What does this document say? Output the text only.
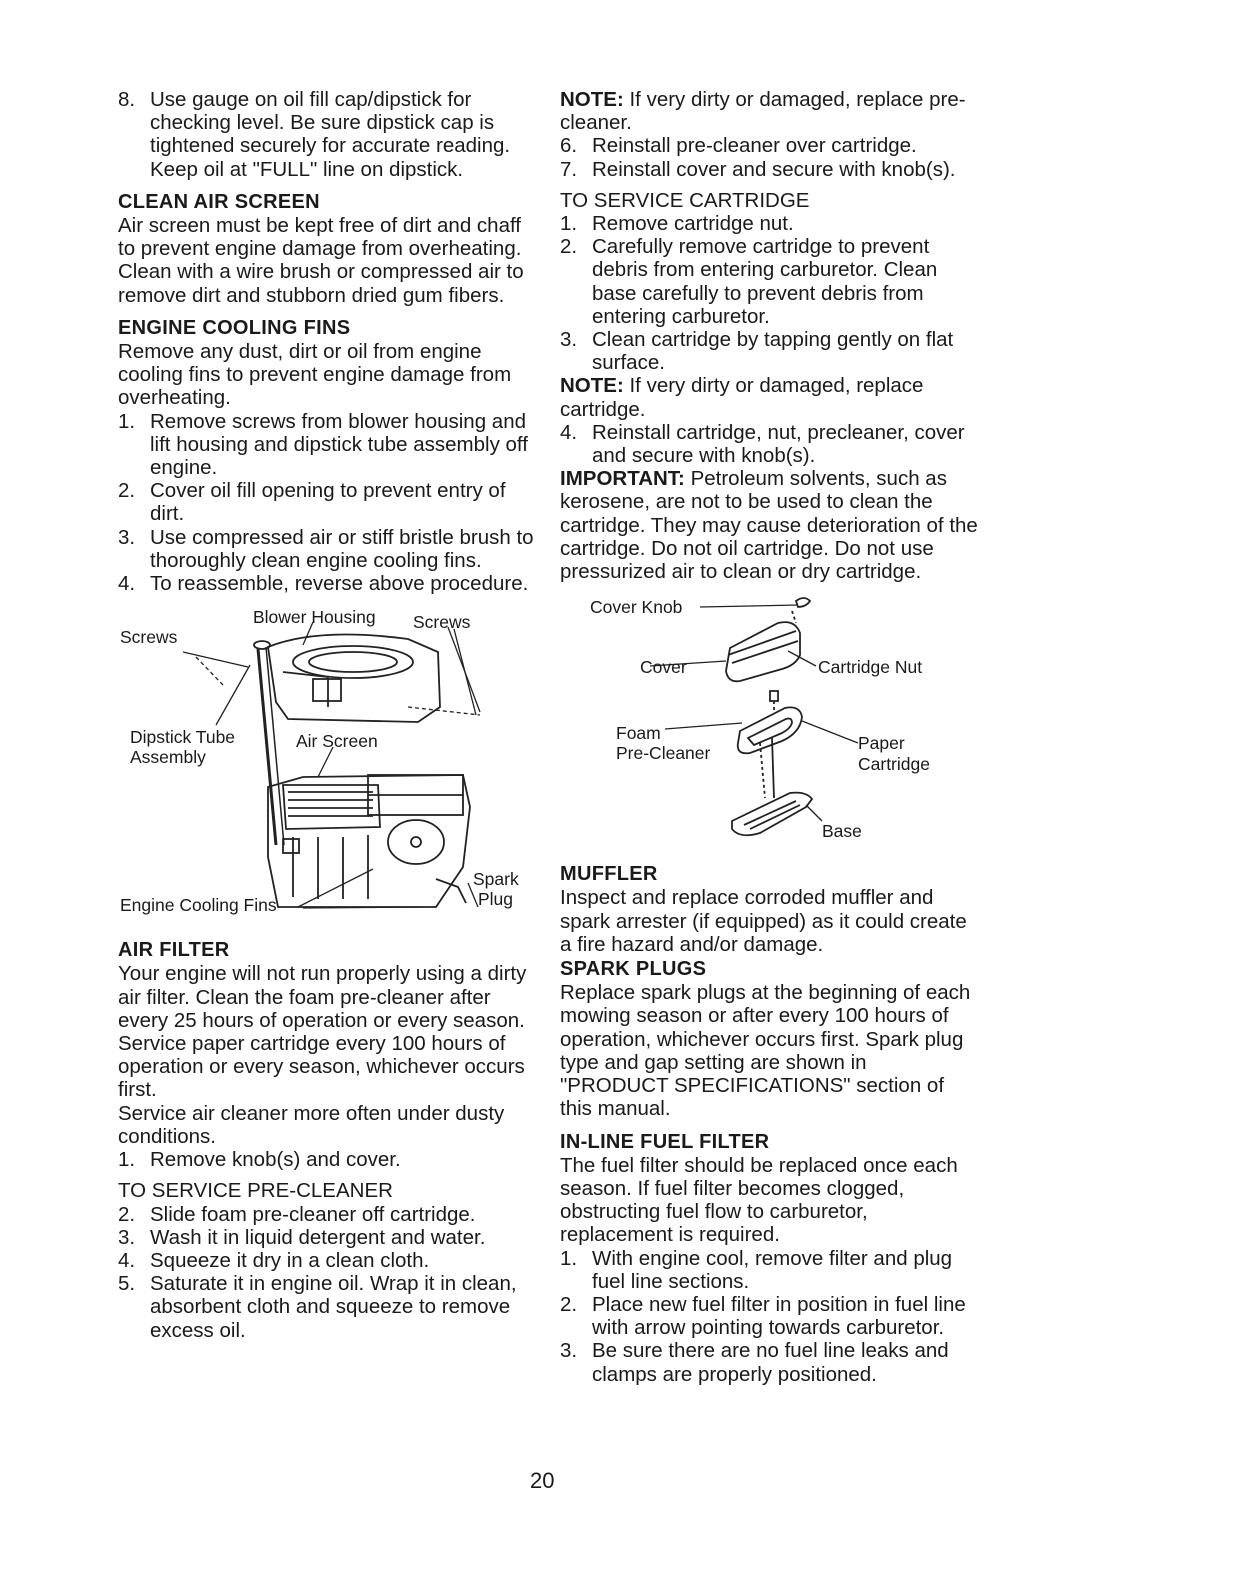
8. Use gauge on oil fill cap/dipstick for checking level. Be sure dipstick cap is tightened securely for accurate reading. Keep oil at "FULL" line on dipstick.
CLEAN AIR SCREEN

Air screen must be kept free of dirt and chaff to prevent engine damage from overheating. Clean with a wire brush or compressed air to remove dirt and stubborn dried gum fibers.

ENGINE COOLING FINS

Remove any dust, dirt or oil from engine cooling fins to prevent engine damage from overheating.

1. Remove screws from blower housing and lift housing and dipstick tube assembly off engine.
2. Cover oil fill opening to prevent entry of dirt.
3. Use compressed air or stiff bristle brush to thoroughly clean engine cooling fins.
4. To reassemble, reverse above procedure.
Screws
Blower Housing Screws
Dipstick Tube
Assembly
Air Screen
Spark
Plug
Engine Cooling Fins
AIR FILTER

Your engine will not run properly using a dirty air filter. Clean the foam pre-cleaner after every 25 hours of operation or every season. Service paper cartridge every 100 hours of operation or every season, whichever occurs first.

Service air cleaner more often under dusty conditions.

1. Remove knob(s) and cover.
TO SERVICE PRE-CLEANER
2. Slide foam pre-cleaner off cartridge.
3. Wash it in liquid detergent and water.
4. Squeeze it dry in a clean cloth.
5. Saturate it in engine oil. Wrap it in clean, absorbent cloth and squeeze to remove excess oil.

NOTE: If very dirty or damaged, replace pre-cleaner.

6. Reinstall pre-cleaner over cartridge.
7. Reinstall cover and secure with knob(s).
TO SERVICE CARTRIDGE
1. Remove cartridge nut.
2. Carefully remove cartridge to prevent debris from entering carburetor. Clean base carefully to prevent debris from entering carburetor.
3. Clean cartridge by tapping gently on flat surface.

NOTE: If very dirty or damaged, replace cartridge.

4. Reinstall cartridge, nut, precleaner, cover and secure with knob(s).

IMPORTANT: Petroleum solvents, such as kerosene, are not to be used to clean the cartridge. They may cause deterioration of the cartridge. Do not oil cartridge. Do not use pressurized air to clean or dry cartridge.

Cover Knob
Cover	Cartridge Nut
Paper
Cartridge
Foam
Pre-Cleaner
Base
MUFFLER

Inspect and replace corroded muffler and spark arrester (if equipped) as it could create a fire hazard and/or damage.

SPARK PLUGS

Replace spark plugs at the beginning of each mowing season or after every 100 hours of operation, whichever occurs first. Spark plug type and gap setting are shown in "PRODUCT SPECIFICATIONS" section of this manual.

IN-LINE FUEL FILTER

The fuel filter should be replaced once each season. If fuel filter becomes clogged, obstructing fuel flow to carburetor, replacement is required.

1. With engine cool, remove filter and plug fuel line sections.
2. Place new fuel filter in position in fuel line with arrow pointing towards carburetor.
3. Be sure there are no fuel line leaks and clamps are properly positioned.
20
